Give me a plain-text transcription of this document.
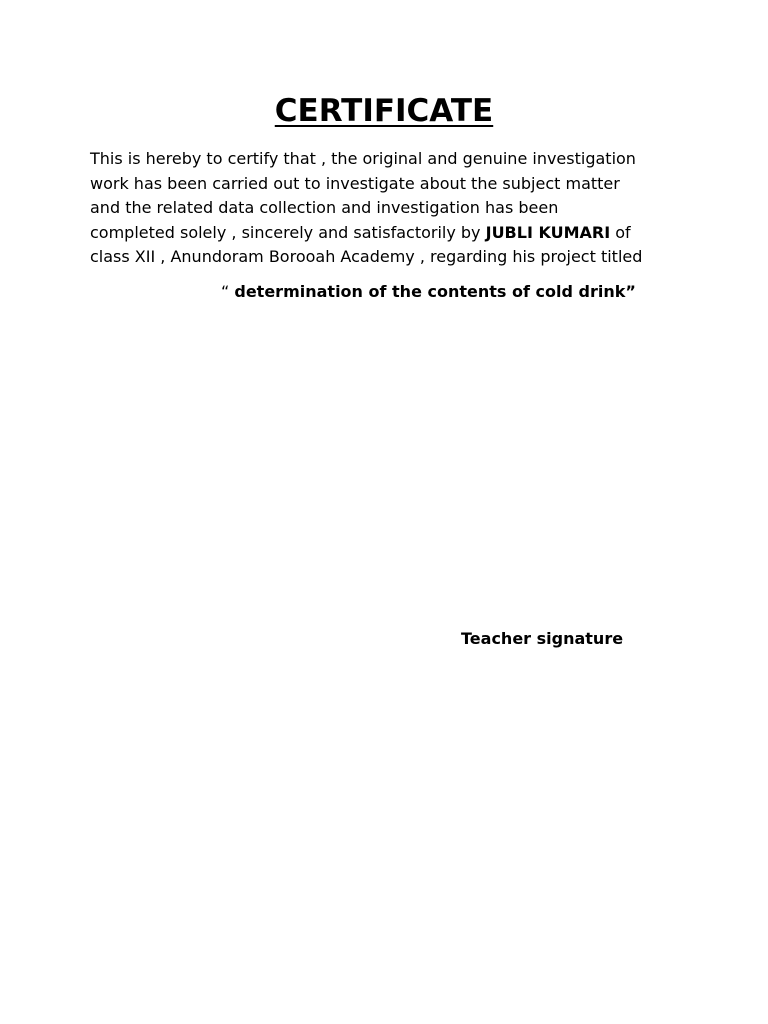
CERTIFICATE

This is hereby to certify that , the original and genuine investigation
work has been carried out to investigate about the subject matter
and the related data collection and investigation has been
completed solely , sincerely and satisfactorily by JUBLI KUMARI of
class XII , Anundoram Borooah Academy , regarding his project titled

“ determination of the contents of cold drink”

Teacher signature
